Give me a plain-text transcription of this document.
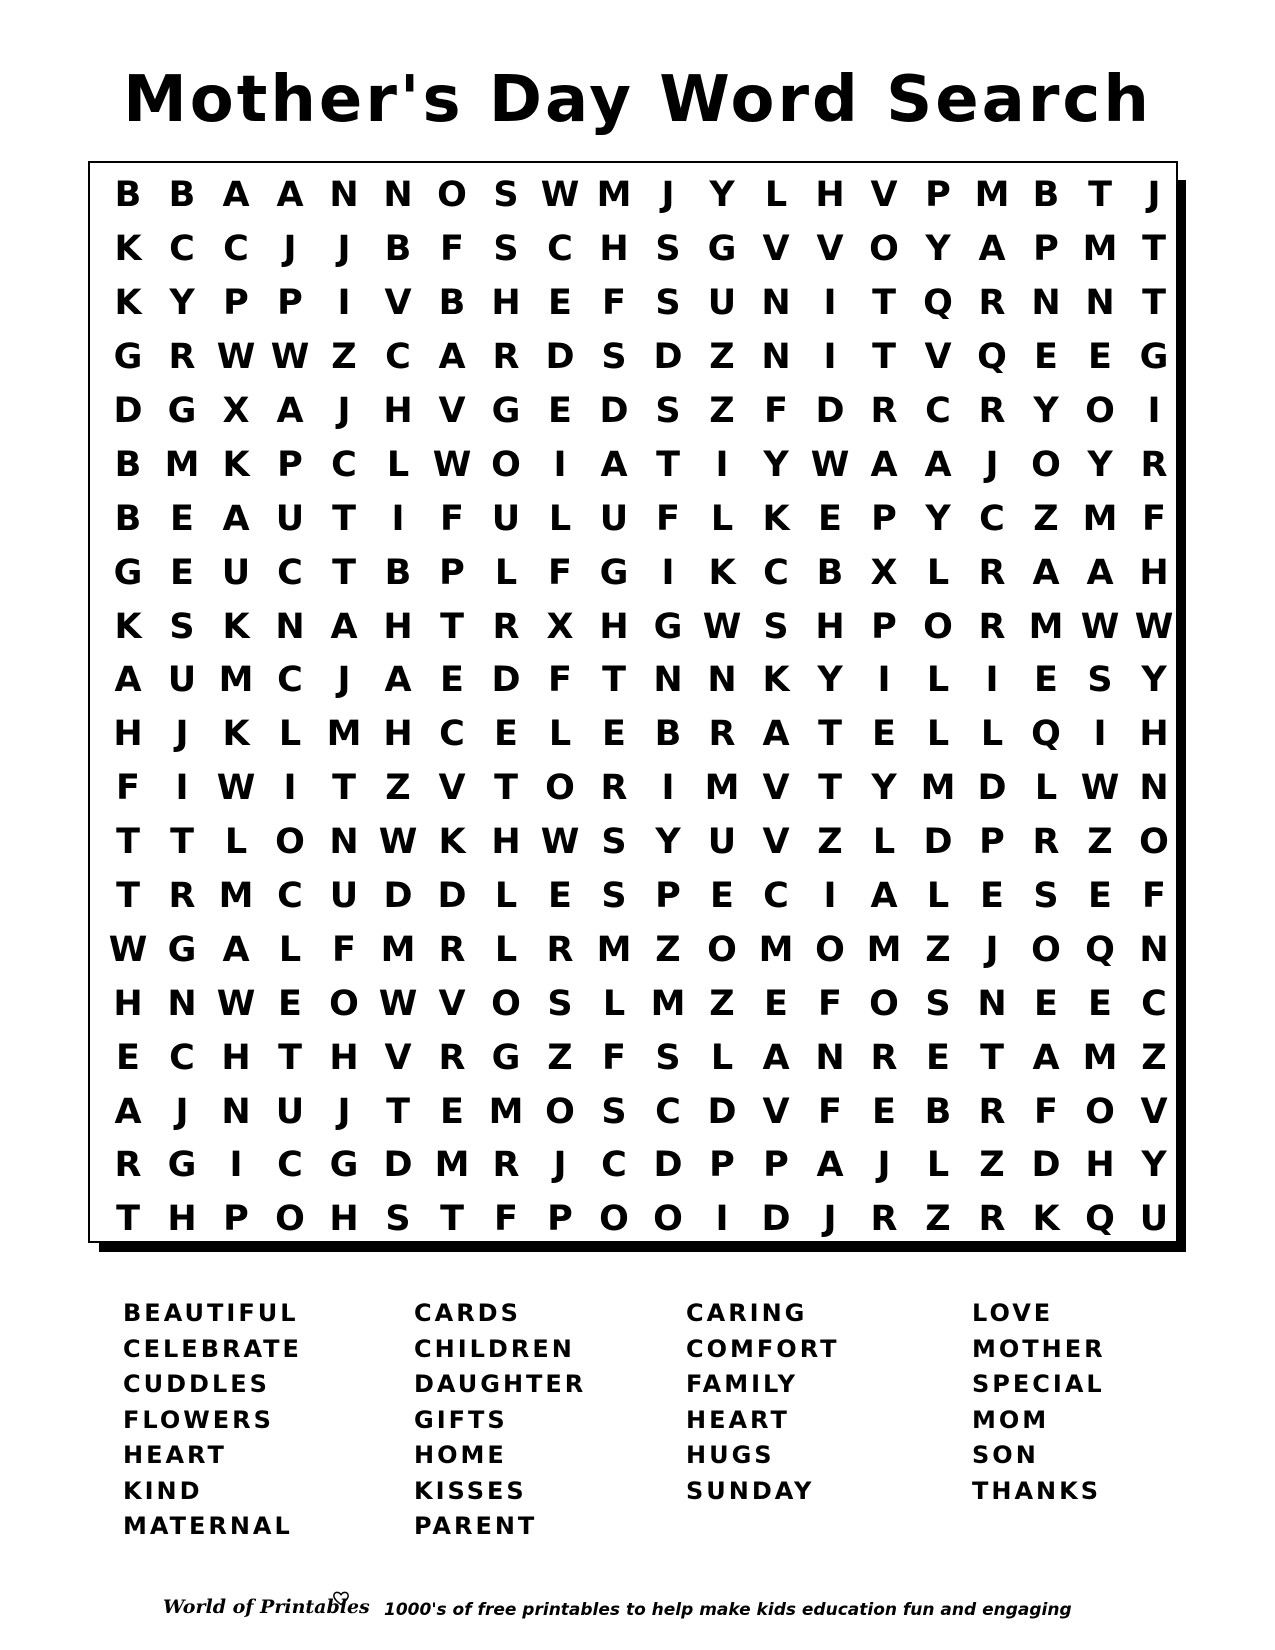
Mother's Day Word Search
B B A A N N O S W M J Y L H V P M B T	J
K C C J	J B F S C H S G V V O Y A P M T
K Y P P I V B H E F S U N I	T Q R N N T
G R W W Z C A R D S D Z N I	T V Q E E G
D G X A J H V G E D S Z F D R C R Y O I
B M K P C L W O I A T	I Y W A A J O Y R
B E A U T	I	F U L U F L K E P Y C Z M F
G E U C T B P L F G I K C B X L R A A H
K S K N A H T R X H G W S H P O R M W W
A U M C J A E D F T N N K Y I	L	I	E S Y
H J K L M H C E L E B R A T E L L Q I H
F	I W I	T Z V T O R I M V T Y M D L W N
T T L O N W K H W S Y U V Z L D P R Z O
T R M C U D D L E S P E C I A L E S E F
W G A L F M R L R M Z O M O M Z J O Q N
H N W E O W V O S L M Z E F O S N E E C
E C H T H V R G Z F S L A N R E T A M Z
A J N U J	T E M O S C D V F E B R F O V
R G I C G D M R J C D P P A J	L Z D H Y
T H P O H S T F P O O I D J R Z R K Q U
BEAUTIFUL
CELEBRATE
CUDDLES
FLOWERS
HEART
KIND
MATERNAL
CARDS
CHILDREN
DAUGHTER
GIFTS
HOME
KISSES
PARENT
CARING
COMFORT
FAMILY
HEART
HUGS
SUNDAY
LOVE
MOTHER
SPECIAL
MOM
SON
THANKS
World of Printables 1000's of free printables to help make kids education fun and engaging
